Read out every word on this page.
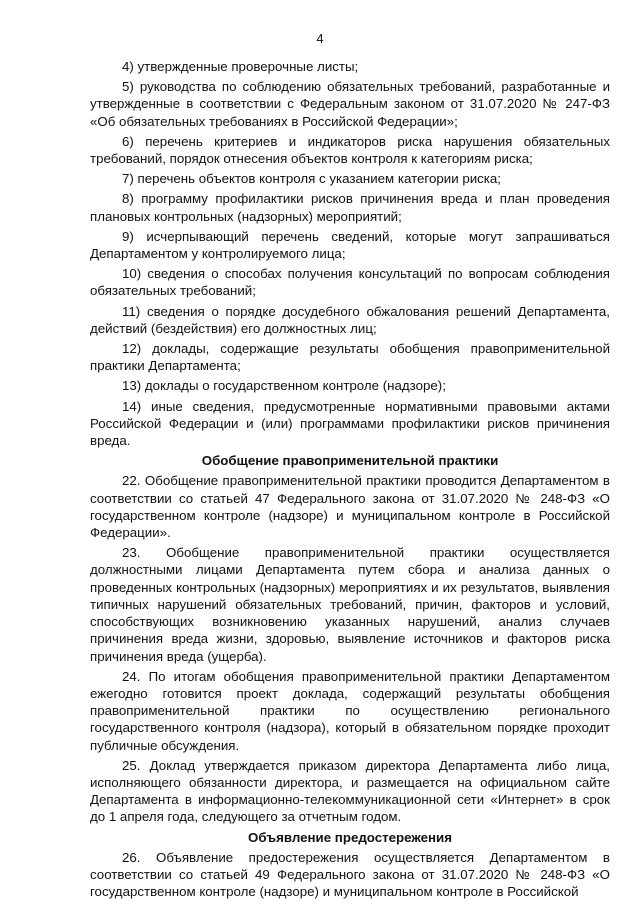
4

4) утвержденные проверочные листы;

5) руководства по соблюдению обязательных требований, разработанные и утвержденные в соответствии с Федеральным законом от 31.07.2020 № 247-ФЗ «Об обязательных требованиях в Российской Федерации»;

6) перечень критериев и индикаторов риска нарушения обязательных требований, порядок отнесения объектов контроля к категориям риска;

7) перечень объектов контроля с указанием категории риска;

8) программу профилактики рисков причинения вреда и план проведения плановых контрольных (надзорных) мероприятий;

9) исчерпывающий перечень сведений, которые могут запрашиваться Департаментом у контролируемого лица;

10) сведения о способах получения консультаций по вопросам соблюдения обязательных требований;

11) сведения о порядке досудебного обжалования решений Департамента, действий (бездействия) его должностных лиц;

12) доклады, содержащие результаты обобщения правоприменительной практики Департамента;

13) доклады о государственном контроле (надзоре);

14) иные сведения, предусмотренные нормативными правовыми актами Российской Федерации и (или) программами профилактики рисков причинения вреда.

Обобщение правоприменительной практики

22. Обобщение правоприменительной практики проводится Департаментом в соответствии со статьей 47 Федерального закона от 31.07.2020 № 248-ФЗ «О государственном контроле (надзоре) и муниципальном контроле в Российской Федерации».

23. Обобщение правоприменительной практики осуществляется должностными лицами Департамента путем сбора и анализа данных о проведенных контрольных (надзорных) мероприятиях и их результатов, выявления типичных нарушений обязательных требований, причин, факторов и условий, способствующих возникновению указанных нарушений, анализ случаев причинения вреда жизни, здоровью, выявление источников и факторов риска причинения вреда (ущерба).

24. По итогам обобщения правоприменительной практики Департаментом ежегодно готовится проект доклада, содержащий результаты обобщения правоприменительной практики по осуществлению регионального государственного контроля (надзора), который в обязательном порядке проходит публичные обсуждения.

25. Доклад утверждается приказом директора Департамента либо лица, исполняющего обязанности директора, и размещается на официальном сайте Департамента в информационно-телекоммуникационной сети «Интернет» в срок до 1 апреля года, следующего за отчетным годом.

Объявление предостережения

26. Объявление предостережения осуществляется Департаментом в соответствии со статьей 49 Федерального закона от 31.07.2020 № 248-ФЗ «О государственном контроле (надзоре) и муниципальном контроле в Российской
